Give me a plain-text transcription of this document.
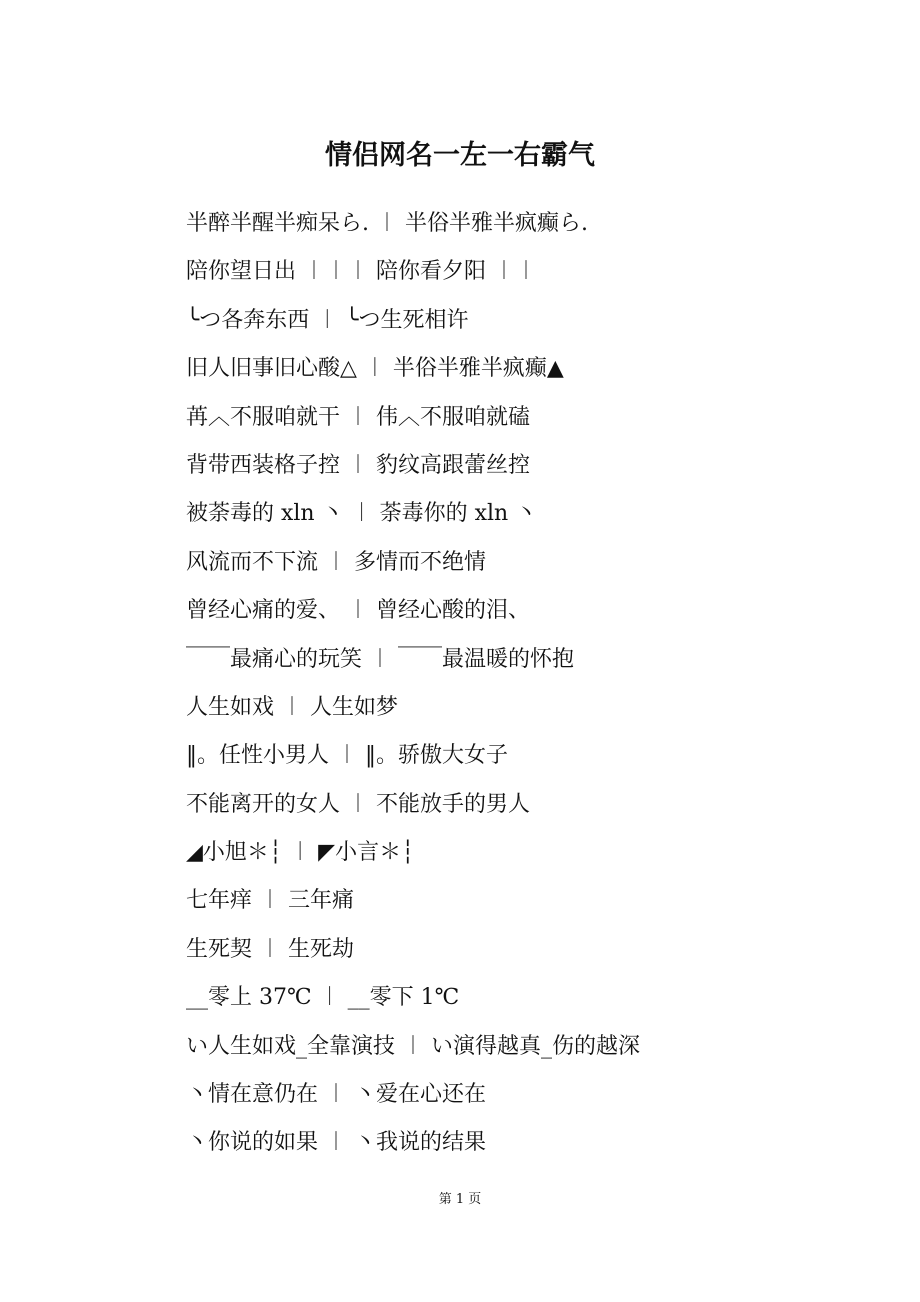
情侣网名一左一右霸气
半醉半醒半痴呆ら. ︱ 半俗半雅半疯癫ら.
陪你望日出 ︱︱︱ 陪你看夕阳 ︱︱
╰つ各奔东西 ︱ ╰つ生死相许
旧人旧事旧心酸△ ︱ 半俗半雅半疯癫▲
苒︿不服咱就干 ︱ 伟︿不服咱就磕
背带西装格子控 ︱ 豹纹高跟蕾丝控
被荼毒的 xln 丶 ︱ 荼毒你的 xln 丶
风流而不下流 ︱ 多情而不绝情
曾经心痛的爱、 ︱ 曾经心酸的泪、
￣￣最痛心的玩笑 ︱ ￣￣最温暖的怀抱
人生如戏 ︱ 人生如梦
‖。任性小男人 ︱ ‖。骄傲大女子
不能离开的女人 ︱ 不能放手的男人
◢小旭＊┆ ︱ ◤小言＊┆
七年痒 ︱ 三年痛
生死契 ︱ 生死劫
__零上 37℃ ︱ __零下 1℃
い人生如戏_全靠演技 ︱ い演得越真_伤的越深
丶情在意仍在 ︱ 丶爱在心还在
丶你说的如果 ︱ 丶我说的结果
第 1 页
